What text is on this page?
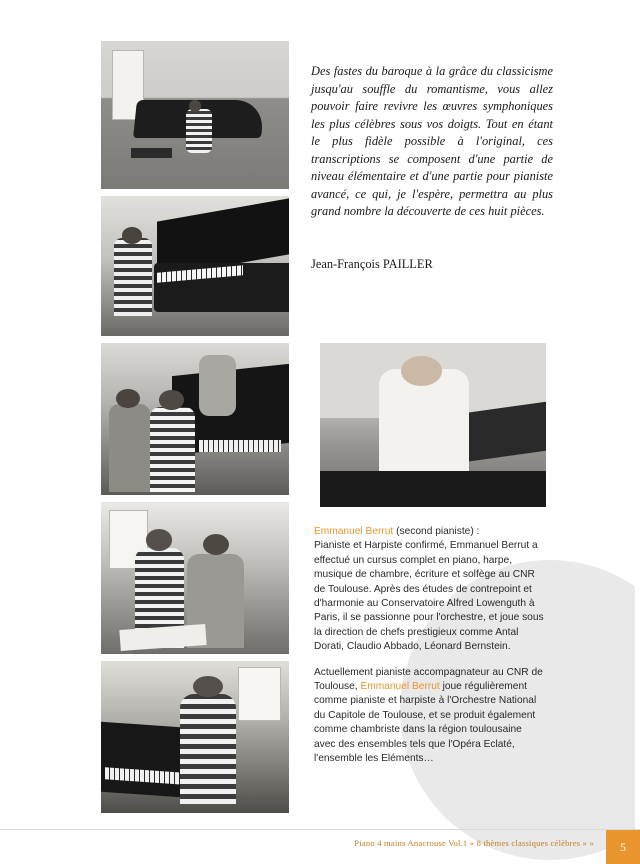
Des fastes du baroque à la grâce du classicisme jusqu'au souffle du romantisme, vous allez pouvoir faire revivre les œuvres symphoniques les plus célèbres sous vos doigts. Tout en étant le plus fidèle possible à l'original, ces transcriptions se composent d'une partie de niveau élémentaire et d'une partie pour pianiste avancé, ce qui, je l'espère, permettra au plus grand nombre la découverte de ces huit pièces.
Jean-François PAILLER

Emmanuel Berrut (second pianiste) :
Pianiste et Harpiste confirmé, Emmanuel Berrut a effectué un cursus complet en piano, harpe, musique de chambre, écriture et solfège au CNR de Toulouse. Après des études de contrepoint et d'harmonie au Conservatoire Alfred Lowenguth à Paris, il se passionne pour l'orchestre, et joue sous la direction de chefs prestigieux comme Antal Dorati, Claudio Abbado, Léonard Bernstein.

Actuellement pianiste accompagnateur au CNR de Toulouse, Emmanuel Berrut joue régulièrement comme pianiste et harpiste à l'Orchestre National du Capitole de Toulouse, et se produit également comme chambriste dans la région toulousaine avec des ensembles tels que l'Opéra Eclaté, l'ensemble les Eléments…

Piano 4 mains Anacrouse Vol.1 « 8 thèmes classiques célèbres » » 5
